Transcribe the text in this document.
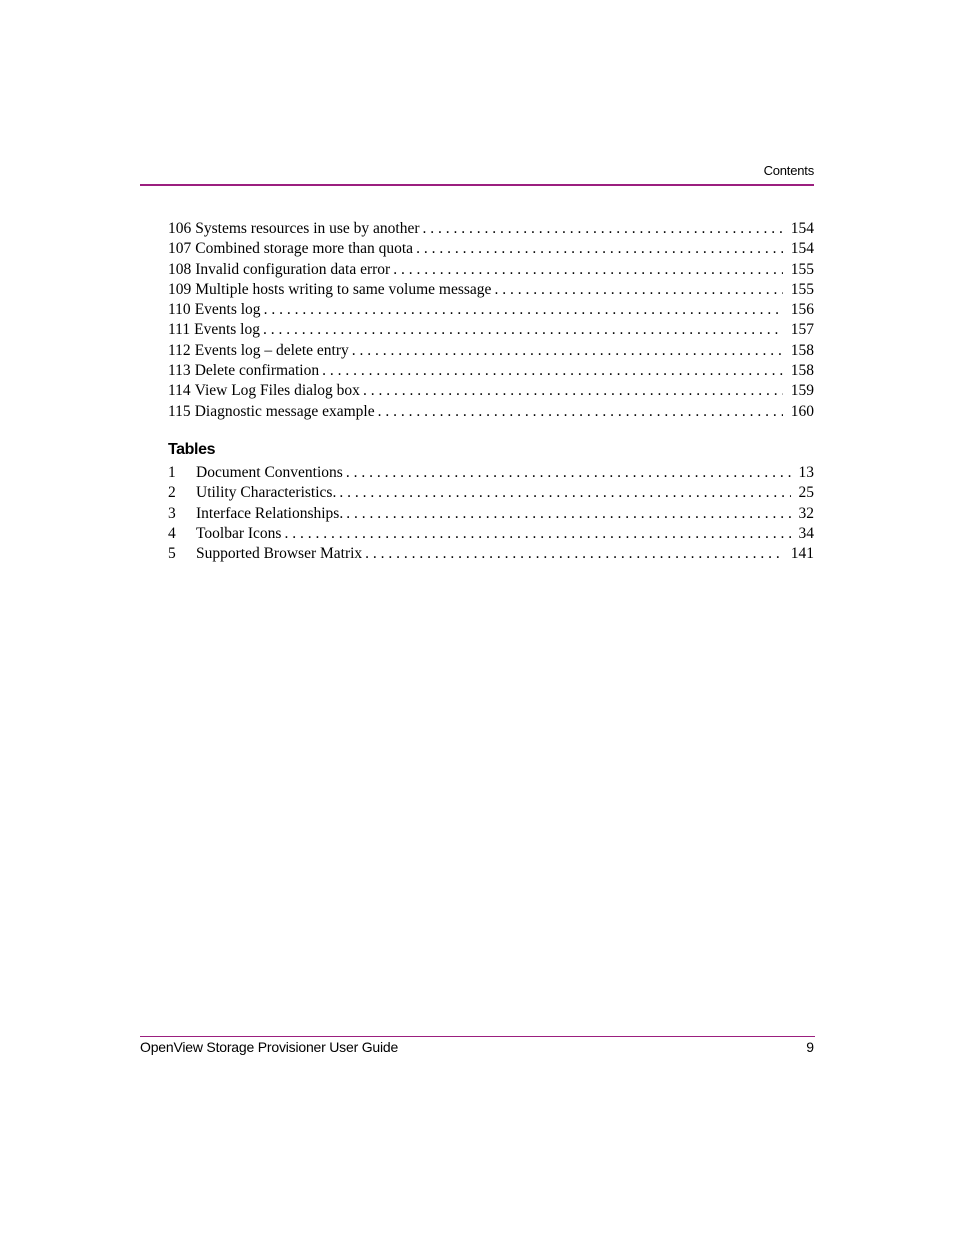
Contents
106 Systems resources in use by another . . .	154
107 Combined storage more than quota . . .	154
108 Invalid configuration data error . . .	155
109 Multiple hosts writing to same volume message . . .	155
110 Events log . . .	156
111 Events log . . .	157
112 Events log – delete entry . . .	158
113 Delete confirmation . . .	158
114 View Log Files dialog box . . .	159
115 Diagnostic message example . . .	160
Tables
1	Document Conventions . . .	13
2	Utility Characteristics. . . .	25
3	Interface Relationships. . . .	32
4	Toolbar Icons . . .	34
5	Supported Browser Matrix . . .	141
OpenView Storage Provisioner User Guide	9
